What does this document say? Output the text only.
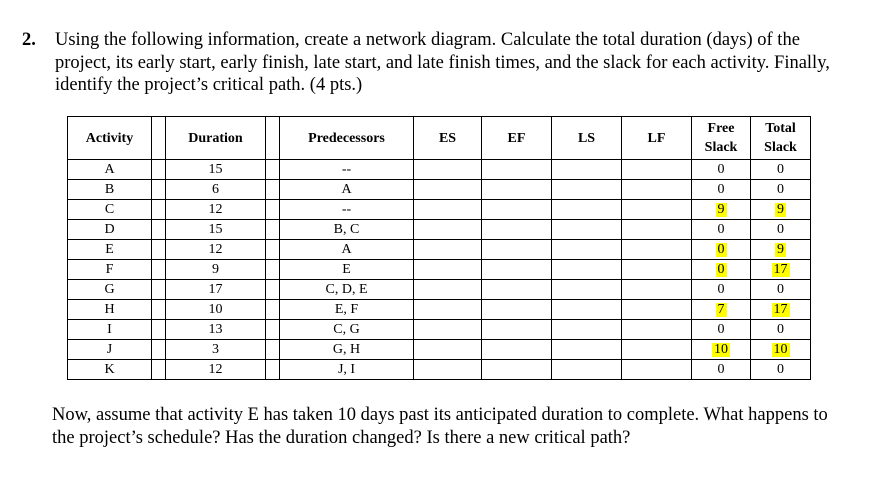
2. Using the following information, create a network diagram. Calculate the total duration (days) of the project, its early start, early finish, late start, and late finish times, and the slack for each activity. Finally, identify the project’s critical path. (4 pts.)
Activity		Duration		Predecessors	ES	EF	LS	LF	Free Slack	Total Slack
A		15		--					0	0
B		6		A					0	0
C		12		--					9	9
D		15		B, C					0	0
E		12		A					0	9
F		9		E					0	17
G		17		C, D, E					0	0
H		10		E, F					7	17
I		13		C, G					0	0
J		3		G, H					10	10
K		12		J, I					0	0
Now, assume that activity E has taken 10 days past its anticipated duration to complete. What happens to the project’s schedule? Has the duration changed? Is there a new critical path?
